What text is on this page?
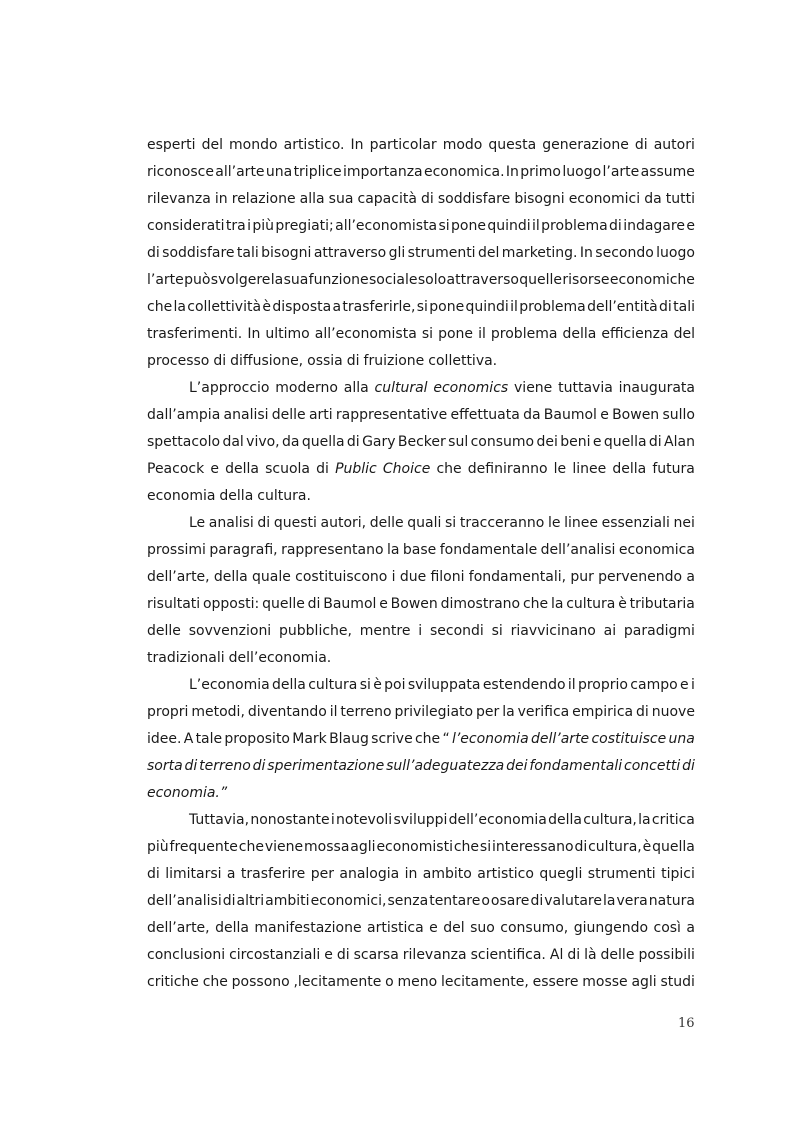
esperti del mondo artistico. In particolar modo questa generazione di autori
riconosce all’arte una triplice importanza economica. In primo luogo l’arte assume
rilevanza in relazione alla sua capacità di soddisfare bisogni economici da tutti
considerati tra i più pregiati; all’economista si pone quindi il problema di indagare e
di soddisfare tali bisogni attraverso gli strumenti del marketing. In secondo luogo
l’arte può svolgere la sua funzione sociale solo attraverso quelle risorse economiche
che la collettività è disposta a trasferirle, si pone quindi il problema dell’entità di tali
trasferimenti. In ultimo all’economista si pone il problema della efficienza del
processo di diffusione, ossia di fruizione collettiva.
L’approccio moderno alla cultural economics viene tuttavia inaugurata
dall’ampia analisi delle arti rappresentative effettuata da Baumol e Bowen sullo
spettacolo dal vivo, da quella di Gary Becker sul consumo dei beni e quella di Alan
Peacock e della scuola di Public Choice che definiranno le linee della futura
economia della cultura.
Le analisi di questi autori, delle quali si tracceranno le linee essenziali nei
prossimi paragrafi, rappresentano la base fondamentale dell’analisi economica
dell’arte, della quale costituiscono i due filoni fondamentali, pur pervenendo a
risultati opposti: quelle di Baumol e Bowen dimostrano che la cultura è tributaria
delle sovvenzioni pubbliche, mentre i secondi si riavvicinano ai paradigmi
tradizionali dell’economia.
L’economia della cultura si è poi sviluppata estendendo il proprio campo e i
propri metodi, diventando il terreno privilegiato per la verifica empirica di nuove
idee. A tale proposito Mark Blaug scrive che “ l’economia dell’arte costituisce una
sorta di terreno di sperimentazione sull’adeguatezza dei fondamentali concetti di
economia.”
Tuttavia, nonostante i notevoli sviluppi dell’economia della cultura, la critica
più frequente che viene mossa agli economisti che si interessano di cultura, è quella
di limitarsi a trasferire per analogia in ambito artistico quegli strumenti tipici
dell’analisi di altri ambiti economici, senza tentare o osare di valutare la vera natura
dell’arte, della manifestazione artistica e del suo consumo, giungendo così a
conclusioni circostanziali e di scarsa rilevanza scientifica. Al di là delle possibili
critiche che possono ,lecitamente o meno lecitamente, essere mosse agli studi
16
